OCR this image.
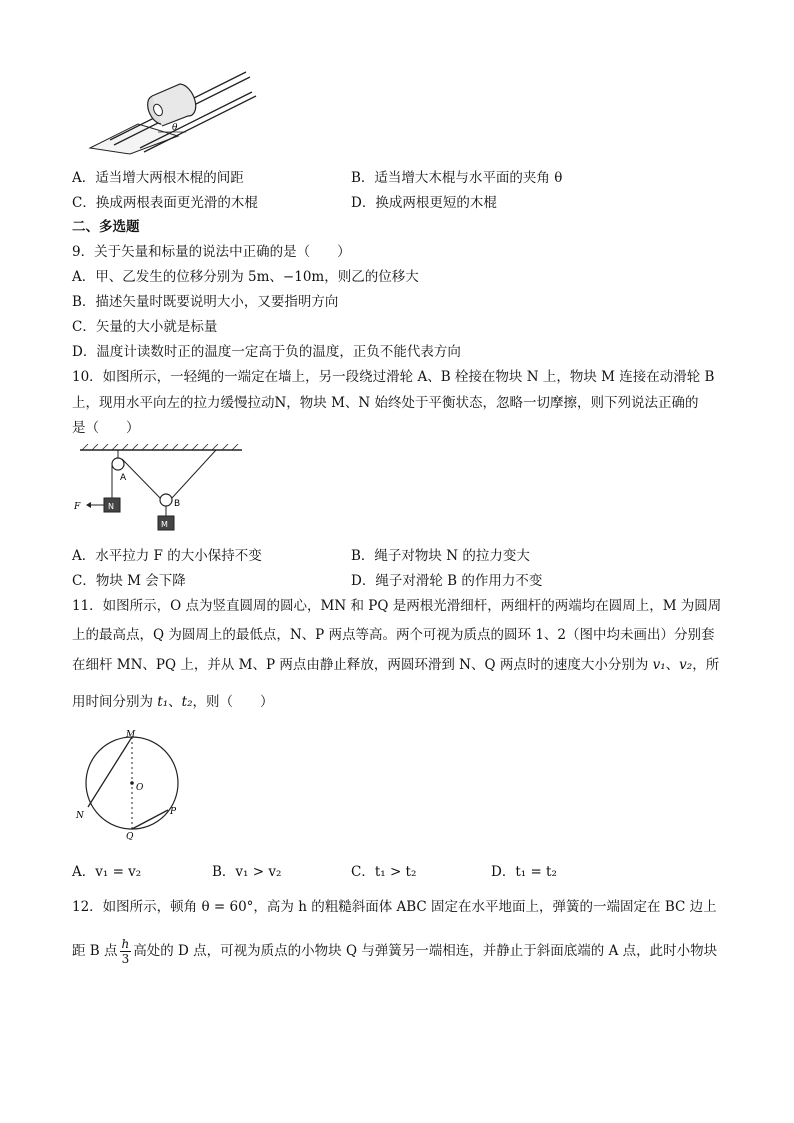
θ
A．适当增大两根木棍的间距	B．适当增大木棍与水平面的夹角 θ
C．换成两根表面更光滑的木棍	D．换成两根更短的木棍
二、多选题
9．关于矢量和标量的说法中正确的是（　　）
A．甲、乙发生的位移分别为 5m、−10m，则乙的位移大
B．描述矢量时既要说明大小，又要指明方向
C．矢量的大小就是标量
D．温度计读数时正的温度一定高于负的温度，正负不能代表方向
10．如图所示，一轻绳的一端定在墙上，另一段绕过滑轮 A、B 栓接在物块 N 上，物块 M 连接在动滑轮 B
上，现用水平向左的拉力缓慢拉动N，物块 M、N 始终处于平衡状态，忽略一切摩擦，则下列说法正确的
是（　　）
A
N
F	B
M
A．水平拉力 F 的大小保持不变	B．绳子对物块 N 的拉力变大
C．物块 M 会下降	D．绳子对滑轮 B 的作用力不变
11．如图所示，O 点为竖直圆周的圆心，MN 和 PQ 是两根光滑细杆，两细杆的两端均在圆周上，M 为圆周
上的最高点，Q 为圆周上的最低点，N、P 两点等高。两个可视为质点的圆环 1、2（图中均未画出）分别套
在细杆 MN、PQ 上，并从 M、P 两点由静止释放，两圆环滑到 N、Q 两点时的速度大小分别为 v₁、v₂，所
用时间分别为 t₁、t₂，则（　　）
M
O
N
Q
P
A．v₁ = v₂	B．v₁ > v₂	C．t₁ > t₂	D．t₁ = t₂
12．如图所示，顿角 θ = 60°，高为 h 的粗糙斜面体 ABC 固定在水平地面上，弹簧的一端固定在 BC 边上
距 B 点 $\frac{h}{3}$ 高处的 D 点，可视为质点的小物块 Q 与弹簧另一端相连，并静止于斜面底端的 A 点，此时小物块
